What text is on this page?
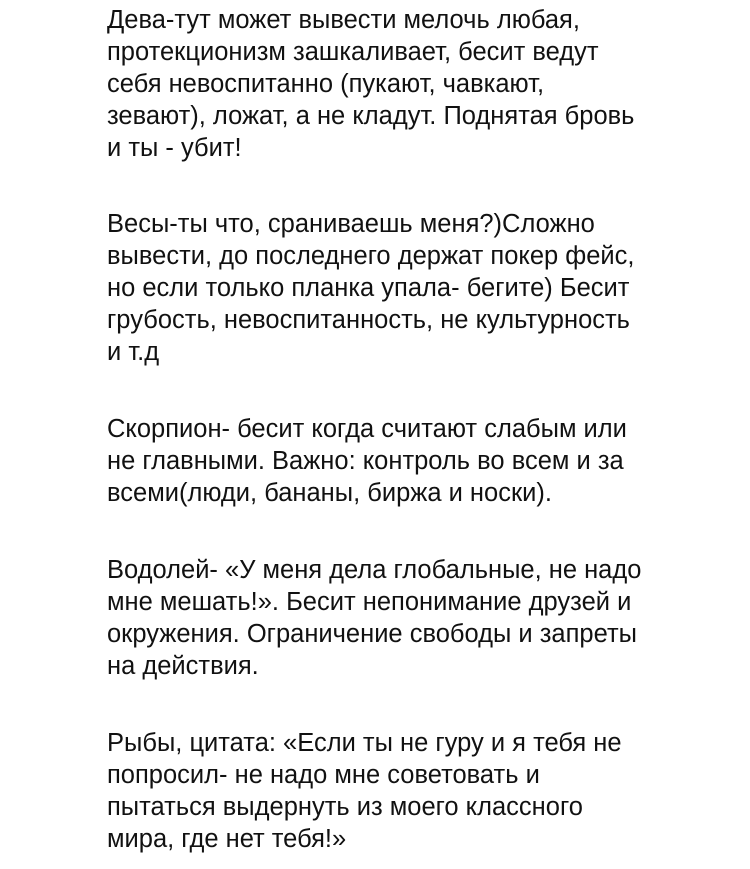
Дева-тут может вывести мелочь любая,
протекционизм зашкаливает, бесит ведут
себя невоспитанно (пукают, чавкают,
зевают), ложат, а не кладут. Поднятая бровь
и ты - убит!

Весы-ты что, сраниваешь меня?)Сложно
вывести, до последнего держат покер фейс,
но если только планка упала- бегите) Бесит
грубость, невоспитанность, не культурность
и т.д

Скорпион- бесит когда считают слабым или
не главными. Важно: контроль во всем и за
всеми(люди, бананы, биржа и носки).

Водолей- «У меня дела глобальные, не надо
мне мешать!». Бесит непонимание друзей и
окружения. Ограничение свободы и запреты
на действия.

Рыбы, цитата: «Если ты не гуру и я тебя не
попросил- не надо мне советовать и
пытаться выдернуть из моего классного
мира, где нет тебя!»
